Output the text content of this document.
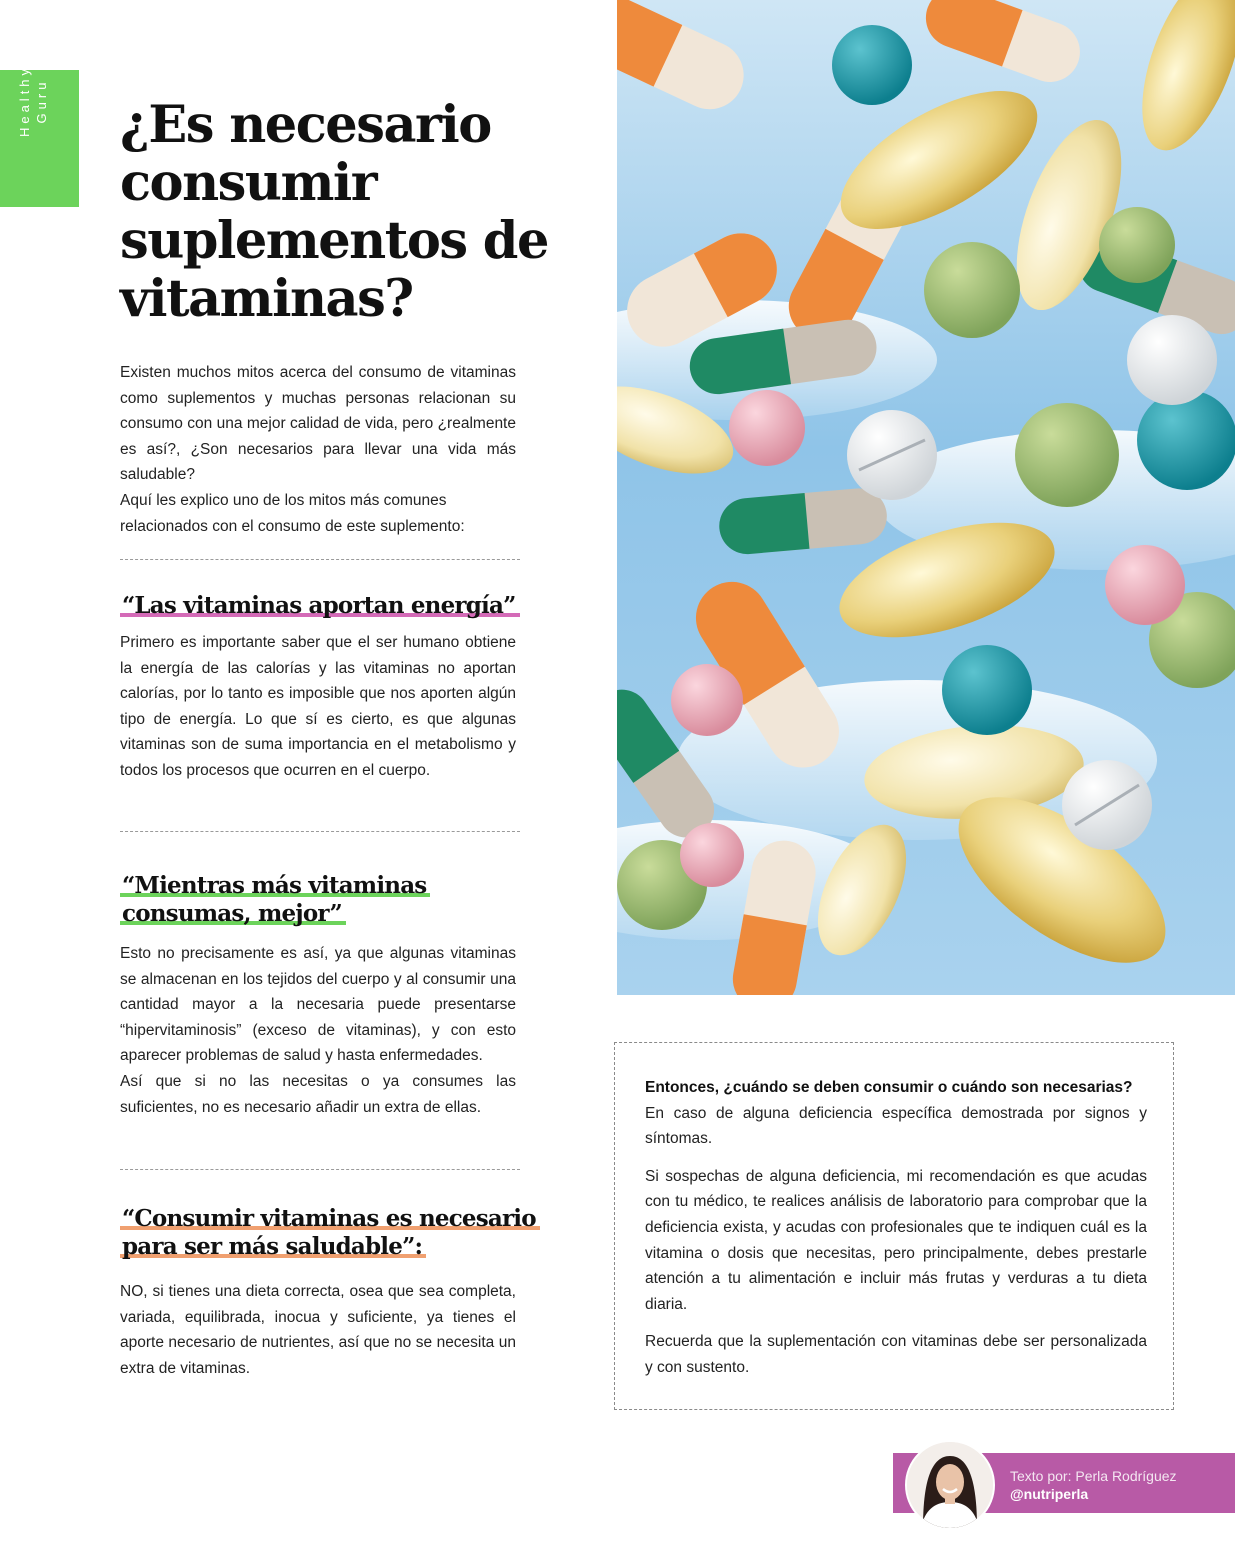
Healthy Guru ¿Es necesario consumir suplementos de vitaminas?

Existen muchos mitos acerca del consumo de vitaminas como suplementos y muchas personas relacionan su consumo con una mejor calidad de vida, pero ¿realmente es así?, ¿Son necesarios para llevar una vida más saludable?

Aquí les explico uno de los mitos más comunes relacionados con el consumo de este suplemento:

“Las vitaminas aportan energía”

Primero es importante saber que el ser humano obtiene la energía de las calorías y las vitaminas no aportan calorías, por lo tanto es imposible que nos aporten algún tipo de energía. Lo que sí es cierto, es que algunas vitaminas son de suma importancia en el metabolismo y todos los procesos que ocurren en el cuerpo.

“Mientras más vitaminas
consumas, mejor”

Esto no precisamente es así, ya que algunas vitaminas se almacenan en los tejidos del cuerpo y al consumir una cantidad mayor a la necesaria puede presentarse “hipervitaminosis” (exceso de vitaminas), y con esto aparecer problemas de salud y hasta enfermedades.

Así que si no las necesitas o ya consumes las suficientes, no es necesario añadir un extra de ellas.

“Consumir vitaminas es necesario
para ser más saludable”:

NO, si tienes una dieta correcta, osea que sea completa, variada, equilibrada, inocua y suficiente, ya tienes el aporte necesario de nutrientes, así que no se necesita un extra de vitaminas.

Entonces, ¿cuándo se deben consumir o cuándo son necesarias?
En caso de alguna deficiencia específica demostrada por signos y síntomas.

Si sospechas de alguna deficiencia, mi recomendación es que acudas con tu médico, te realices análisis de laboratorio para comprobar que la deficiencia exista, y acudas con profesionales que te indiquen cuál es la vitamina o dosis que necesitas, pero principalmente, debes prestarle atención a tu alimentación e incluir más frutas y verduras a tu dieta diaria.

Recuerda que la suplementación con vitaminas debe ser personalizada y con sustento.

Texto por: Perla Rodríguez
@nutriperla
